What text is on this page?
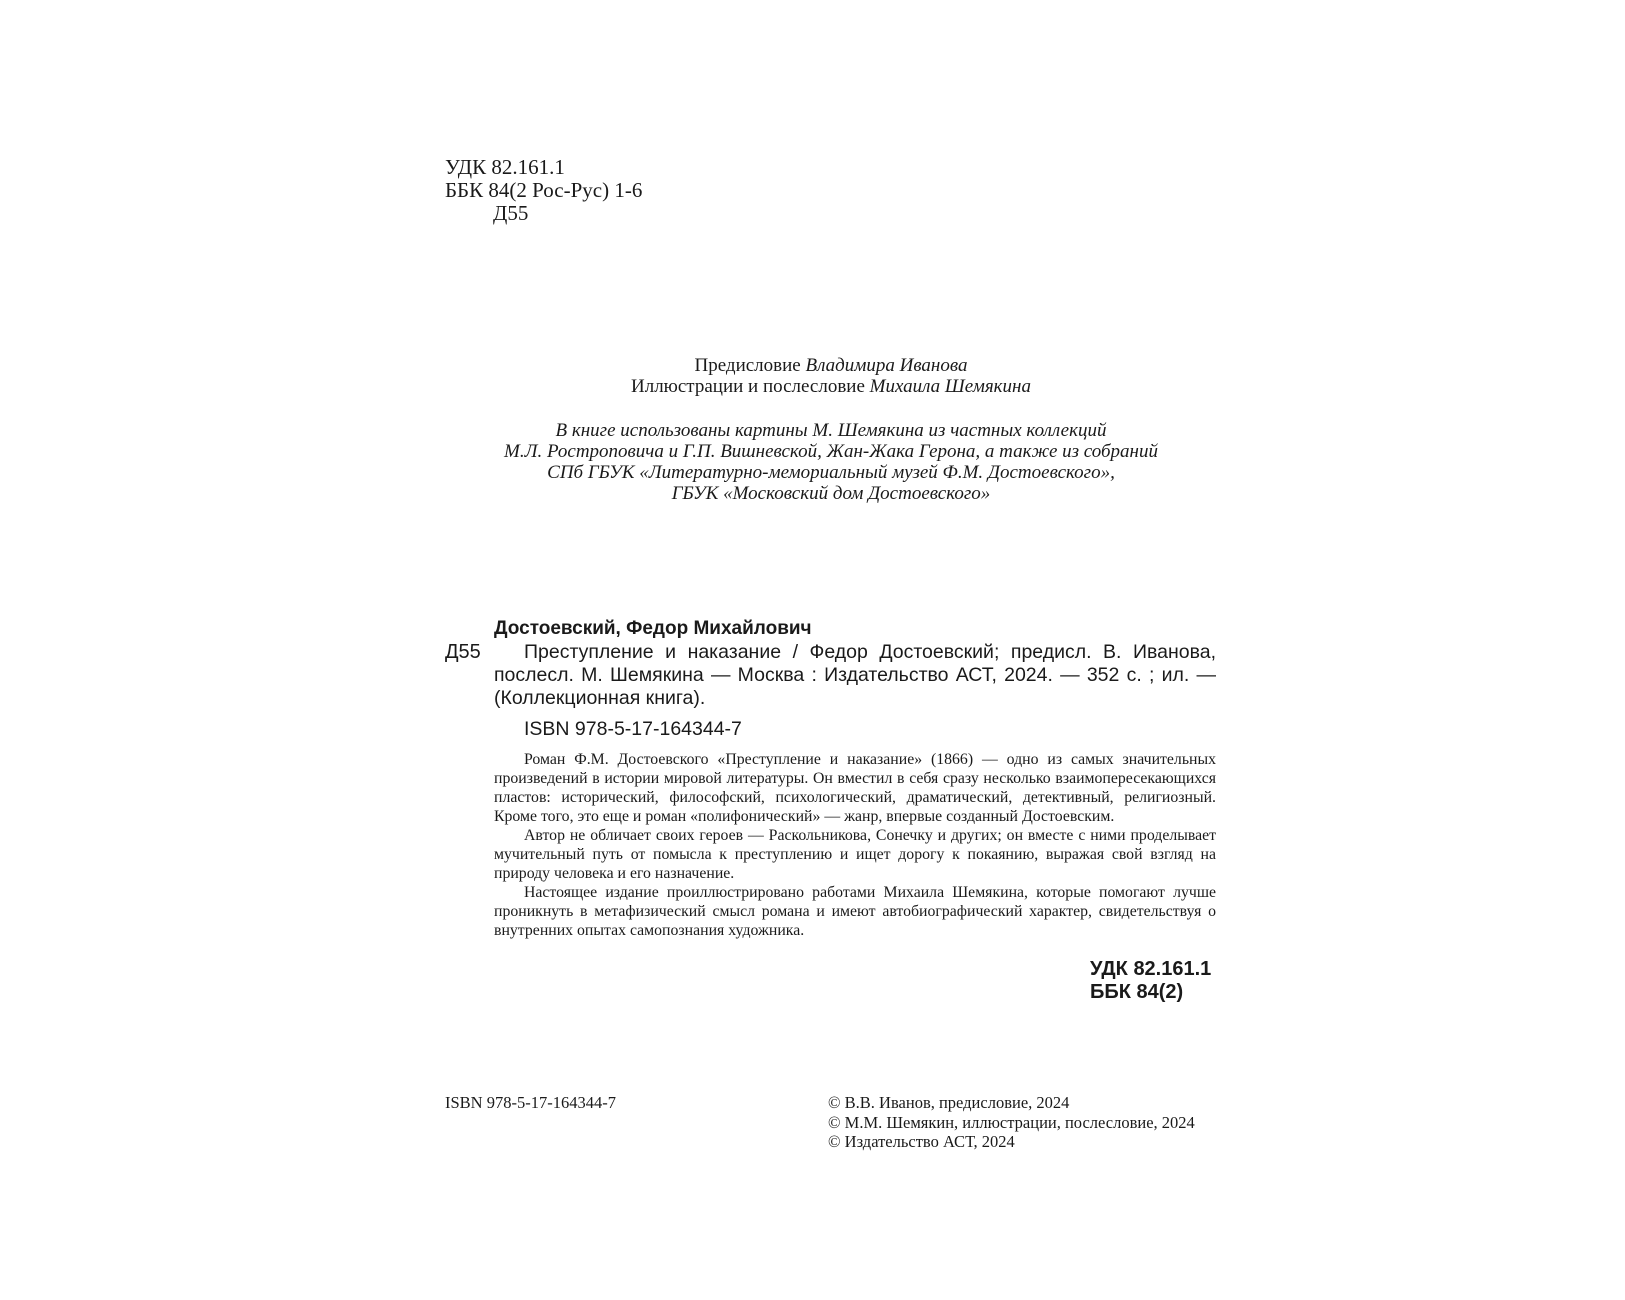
УДК 82.161.1
ББК 84(2 Рос-Рус) 1-6
Д55
Предисловие Владимира Иванова
Иллюстрации и послесловие Михаила Шемякина
В книге использованы картины М. Шемякина из частных коллекций
М.Л. Ростроповича и Г.П. Вишневской, Жан-Жака Герона, а также из собраний
СПб ГБУК «Литературно-мемориальный музей Ф.М. Достоевского»,
ГБУК «Московский дом Достоевского»
Достоевский, Федор Михайлович
Д55	Преступление и наказание / Федор Достоевский; предисл. В. Иванова, послесл. М. Шемякина — Москва : Издательство АСТ, 2024. — 352 с. ; ил. — (Коллекционная книга).
ISBN 978-5-17-164344-7

Роман Ф.М. Достоевского «Преступление и наказание» (1866) — одно из самых значительных произведений в истории мировой литературы. Он вместил в себя сразу несколько взаимопересекающихся пластов: исторический, философский, психологический, драматический, детективный, религиозный. Кроме того, это еще и роман «полифонический» — жанр, впервые созданный Достоевским.

Автор не обличает своих героев — Раскольникова, Сонечку и других; он вместе с ними проделывает мучительный путь от помысла к преступлению и ищет дорогу к покаянию, выражая свой взгляд на природу человека и его назначение.

Настоящее издание проиллюстрировано работами Михаила Шемякина, которые помогают лучше проникнуть в метафизический смысл романа и имеют автобиографический характер, свидетельствуя о внутренних опытах самопознания художника.

УДК 82.161.1
ББК 84(2)
ISBN 978-5-17-164344-7	© В.В. Иванов, предисловие, 2024
© М.М. Шемякин, иллюстрации, послесловие, 2024
© Издательство АСТ, 2024
